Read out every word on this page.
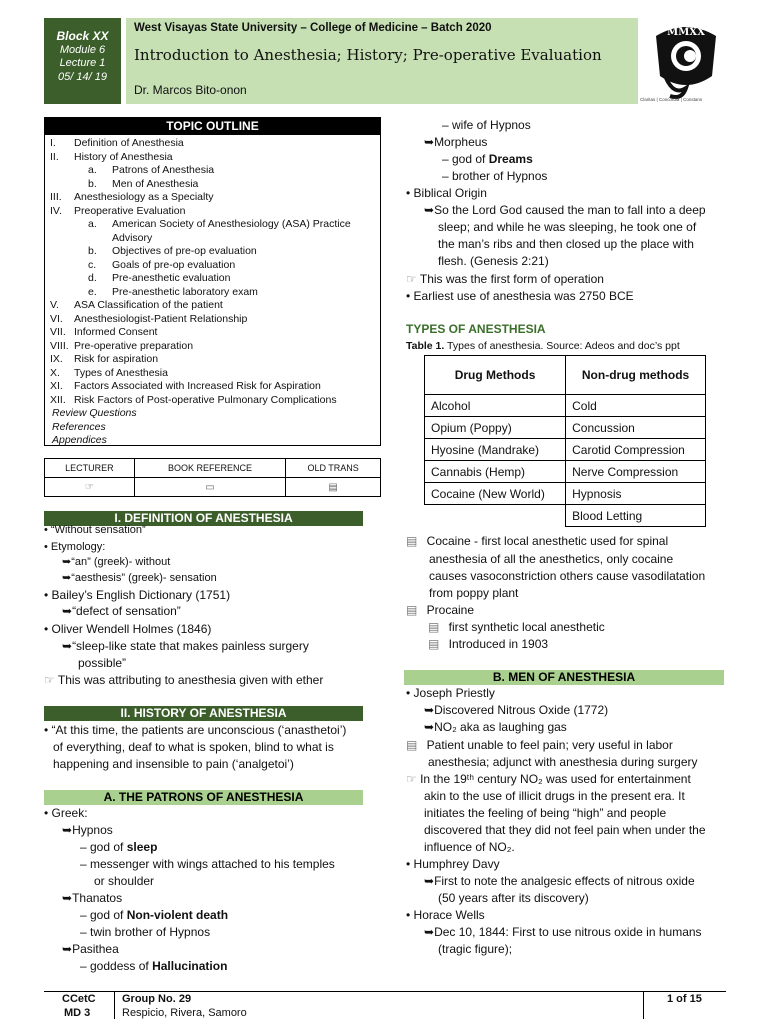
Block XX
Module 6
Lecture 1
05/ 14/ 19
West Visayas State University – College of Medicine – Batch 2020
Introduction to Anesthesia; History; Pre-operative Evaluation
Dr. Marcos Bito-onon
MMXX
Claritas | Concordia | Constans
TOPIC OUTLINE
I. Definition of Anesthesia
II. History of Anesthesia
a. Patrons of Anesthesia
b. Men of Anesthesia
III. Anesthesiology as a Specialty
IV. Preoperative Evaluation
a. American Society of Anesthesiology (ASA) Practice
Advisory
b. Objectives of pre-op evaluation
c. Goals of pre-op evaluation
d. Pre-anesthetic evaluation
e. Pre-anesthetic laboratory exam
V. ASA Classification of the patient
VI. Anesthesiologist-Patient Relationship
VII. Informed Consent
VIII. Pre-operative preparation
IX. Risk for aspiration
X. Types of Anesthesia
XI. Factors Associated with Increased Risk for Aspiration
XII. Risk Factors of Post-operative Pulmonary Complications
Review Questions
References
Appendices
LECTURER	BOOK REFERENCE	OLD TRANS
☞	▭	▤
I. DEFINITION OF ANESTHESIA
• “Without sensation”
• Etymology:
➥“an” (greek)- without
➥“aesthesis” (greek)- sensation
• Bailey’s English Dictionary (1751)
➥“defect of sensation”
• Oliver Wendell Holmes (1846)
➥“sleep-like state that makes painless surgery
possible”
☞ This was attributing to anesthesia given with ether
II. HISTORY OF ANESTHESIA
• “At this time, the patients are unconscious (‘anasthetoi’)
of everything, deaf to what is spoken, blind to what is
happening and insensible to pain (‘analgetoi’)
A. THE PATRONS OF ANESTHESIA
• Greek:
➥Hypnos
– god of sleep
– messenger with wings attached to his temples
or shoulder
➥Thanatos
– god of Non-violent death
– twin brother of Hypnos
➥Pasithea
– goddess of Hallucination
– wife of Hypnos
➥Morpheus
– god of Dreams
– brother of Hypnos
• Biblical Origin
➥So the Lord God caused the man to fall into a deep
sleep; and while he was sleeping, he took one of
the man’s ribs and then closed up the place with
flesh. (Genesis 2:21)
☞ This was the first form of operation
• Earliest use of anesthesia was 2750 BCE
TYPES OF ANESTHESIA
Table 1. Types of anesthesia. Source: Adeos and doc’s ppt
Drug Methods	Non-drug methods
Alcohol	Cold
Opium (Poppy)	Concussion
Hyosine (Mandrake)	Carotid Compression
Cannabis (Hemp)	Nerve Compression
Cocaine (New World)	Hypnosis
	Blood Letting
▤ Cocaine - first local anesthetic used for spinal
anesthesia of all the anesthetics, only cocaine
causes vasoconstriction others cause vasodilatation
from poppy plant
▤ Procaine
▤ first synthetic local anesthetic
▤ Introduced in 1903
B. MEN OF ANESTHESIA
• Joseph Priestly
➥Discovered Nitrous Oxide (1772)
➥NO₂ aka as laughing gas
▤ Patient unable to feel pain; very useful in labor
anesthesia; adjunct with anesthesia during surgery
☞ In the 19ᵗʰ century NO₂ was used for entertainment
akin to the use of illicit drugs in the present era. It
initiates the feeling of being “high” and people
discovered that they did not feel pain when under the
influence of NO₂.
• Humphrey Davy
➥First to note the analgesic effects of nitrous oxide
(50 years after its discovery)
• Horace Wells
➥Dec 10, 1844: First to use nitrous oxide in humans
(tragic figure);
CCetC
MD 3
Group No. 29
Respicio, Rivera, Samoro
1 of 15
